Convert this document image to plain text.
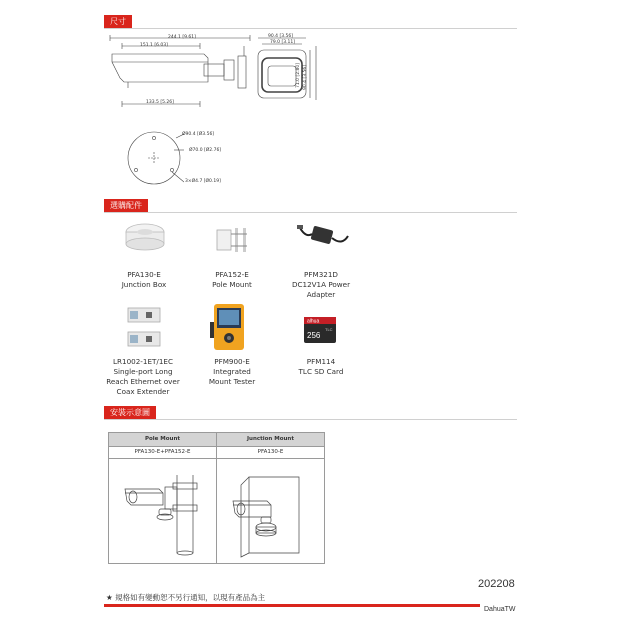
尺寸
244.1 [9.61]
151.1 [6.03]
133.5 [5.26]
90.4 [3.56]
79.0 [3.11]
71.0 [2.80] 90.4 [3.56]
Ø90.4 [Ø3.56]
Ø70.0 [Ø2.76]
3×Ø4.7 [Ø0.19]
選購配件
alhua
256
TLC
PFA130-E
Junction Box
PFA152-E
Pole Mount
PFM321D
DC12V1A Power Adapter
LR1002-1ET/1EC
Single-port Long Reach Ethernet over Coax Extender
PFM900-E
Integrated Mount Tester
PFM114
TLC SD Card
安裝示意圖
Pole Mount	Junction Mount
PFA130-E+PFA152-E	PFA130-E
202208
★ 規格如有變動恕不另行通知，以現有產品為主
DahuaTW
